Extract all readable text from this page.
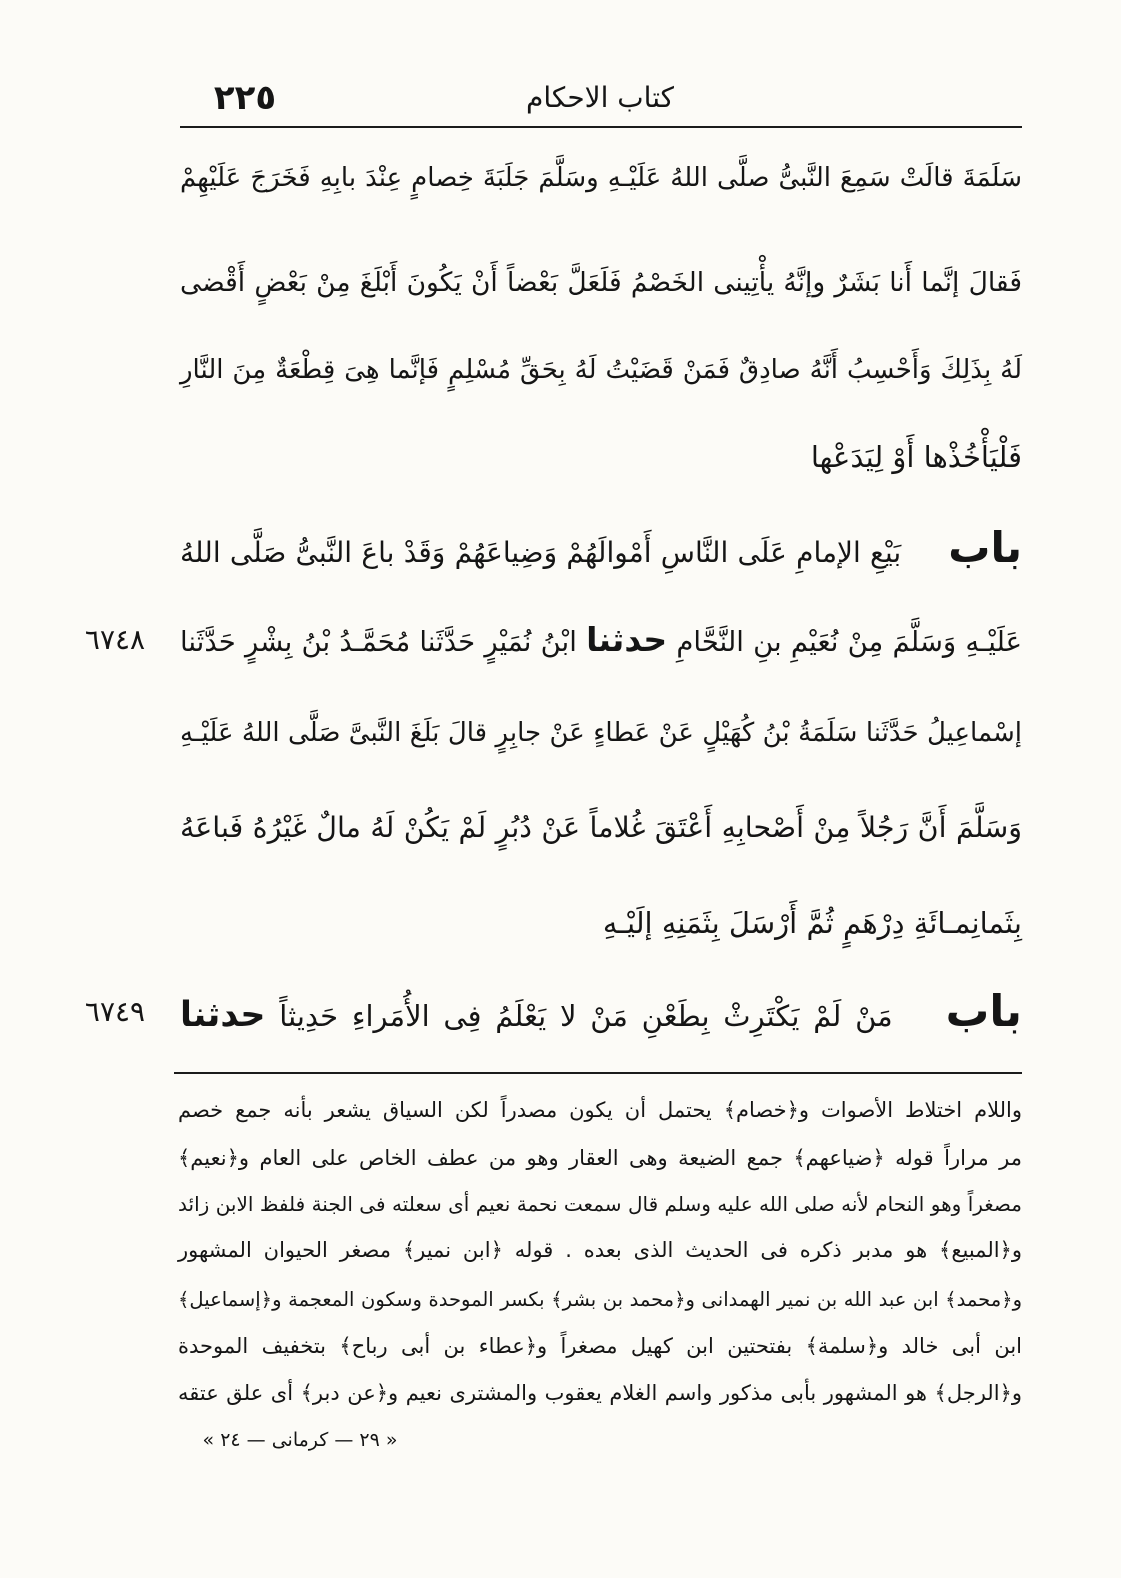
٢٢٥	كتاب الاحكام
سَلَمَةَ قالَتْ سَمِعَ النَّبىُّ صلَّى اللهُ عَلَيْـهِ وسَلَّمَ جَلَبَةَ خِصامٍ عِنْدَ بابِهِ فَخَرَجَ عَلَيْهِمْ
فَقالَ إنَّما أَنا بَشَرٌ وإنَّهُ يأْتِينى الخَصْمُ فَلَعَلَّ بَعْضاً أَنْ يَكُونَ أَبْلَغَ مِنْ بَعْضٍ أَقْضى
لَهُ بِذَلِكَ وَأَحْسِبُ أَنَّهُ صادِقٌ فَمَنْ قَضَيْتُ لَهُ بِحَقِّ مُسْلِمٍ فَإنَّما هِىَ قِطْعَةٌ مِنَ النَّارِ
فَلْيَأْخُذْها أَوْ لِيَدَعْها
باب بَيْعِ الإمامِ عَلَى النَّاسِ أَمْوالَهُمْ وَضِياعَهُمْ وَقَدْ باعَ النَّبىُّ صَلَّى اللهُ
عَلَيْـهِ وَسَلَّمَ مِنْ نُعَيْمِ بنِ النَّحَّامِ حدثنا ابْنُ نُمَيْرٍ حَدَّثَنا مُحَمَّـدُ بْنُ بِشْرٍ حَدَّثَنا
٦٧٤٨
إسْماعِيلُ حَدَّثَنا سَلَمَةُ بْنُ كُهَيْلٍ عَنْ عَطاءٍ عَنْ جابِرٍ قالَ بَلَغَ النَّبىَّ صَلَّى اللهُ عَلَيْـهِ
وَسَلَّمَ أَنَّ رَجُلاً مِنْ أَصْحابِهِ أَعْتَقَ غُلاماً عَنْ دُبُرٍ لَمْ يَكُنْ لَهُ مالٌ غَيْرُهُ فَباعَهُ
بِثَمانِمـائَةِ دِرْهَمٍ ثُمَّ أَرْسَلَ بِثَمَنِهِ إلَيْـهِ
باب مَنْ لَمْ يَكْتَرِثْ بِطَعْنِ مَنْ لا يَعْلَمُ فِى الأُمَراءِ حَدِيثاً حدثنا
٦٧٤٩
واللام اختلاط الأصوات و﴿خصام﴾ يحتمل أن يكون مصدراً لكن السياق يشعر بأنه جمع خصم
مر مراراً قوله ﴿ضياعهم﴾ جمع الضيعة وهى العقار وهو من عطف الخاص على العام و﴿نعيم﴾
مصغراً وهو النحام لأنه صلى الله عليه وسلم قال سمعت نحمة نعيم أى سعلته فى الجنة فلفظ الابن زائد
و﴿المبيع﴾ هو مدبر ذكره فى الحديث الذى بعده . قوله ﴿ابن نمير﴾ مصغر الحيوان المشهور
و﴿محمد﴾ ابن عبد الله بن نمير الهمدانى و﴿محمد بن بشر﴾ بكسر الموحدة وسكون المعجمة و﴿إسماعيل﴾
ابن أبى خالد و﴿سلمة﴾ بفتحتين ابن كهيل مصغراً و﴿عطاء بن أبى رباح﴾ بتخفيف الموحدة
و﴿الرجل﴾ هو المشهور بأبى مذكور واسم الغلام يعقوب والمشترى نعيم و﴿عن دبر﴾ أى علق عتقه
« ٢٩ — كرمانى — ٢٤ »
